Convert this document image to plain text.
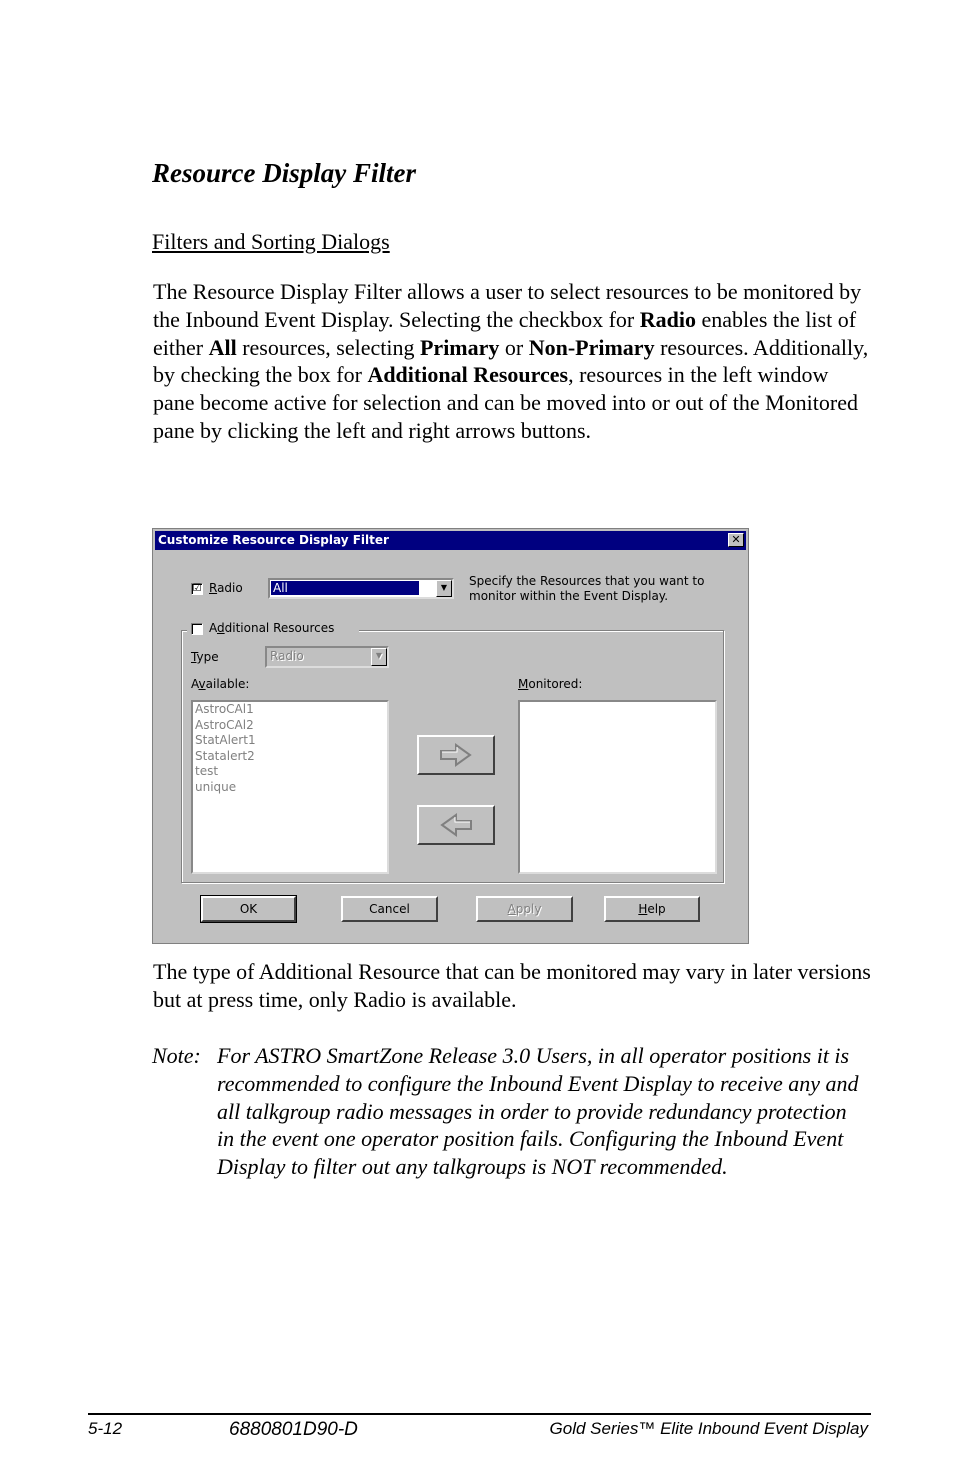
Resource Display Filter
Filters and Sorting Dialogs
The Resource Display Filter allows a user to select resources to be monitored by the Inbound Event Display. Selecting the checkbox for Radio enables the list of either All resources, selecting Primary or Non-Primary resources. Additionally, by checking the box for Additional Resources, resources in the left window pane become active for selection and can be moved into or out of the Monitored pane by clicking the left and right arrows buttons.
Customize Resource Display Filter	✕
☑ Radio	All	▼	Specify the Resources that you want to
monitor within the Event Display.
Additional Resources
Type	Radio	▼
Available:	Monitored:
AstroCAl1
AstroCAl2
StatAlert1
Statalert2
test
unique
OK	Cancel	Apply	Help
The type of Additional Resource that can be monitored may vary in later versions but at press time, only Radio is available.
Note: For ASTRO SmartZone Release 3.0 Users, in all operator positions it is recommended to configure the Inbound Event Display to receive any and all talkgroup radio messages in order to provide redundancy protection in the event one operator position fails. Configuring the Inbound Event Display to filter out any talkgroups is NOT recommended.
5-12	6880801D90-D	Gold Series™ Elite Inbound Event Display
